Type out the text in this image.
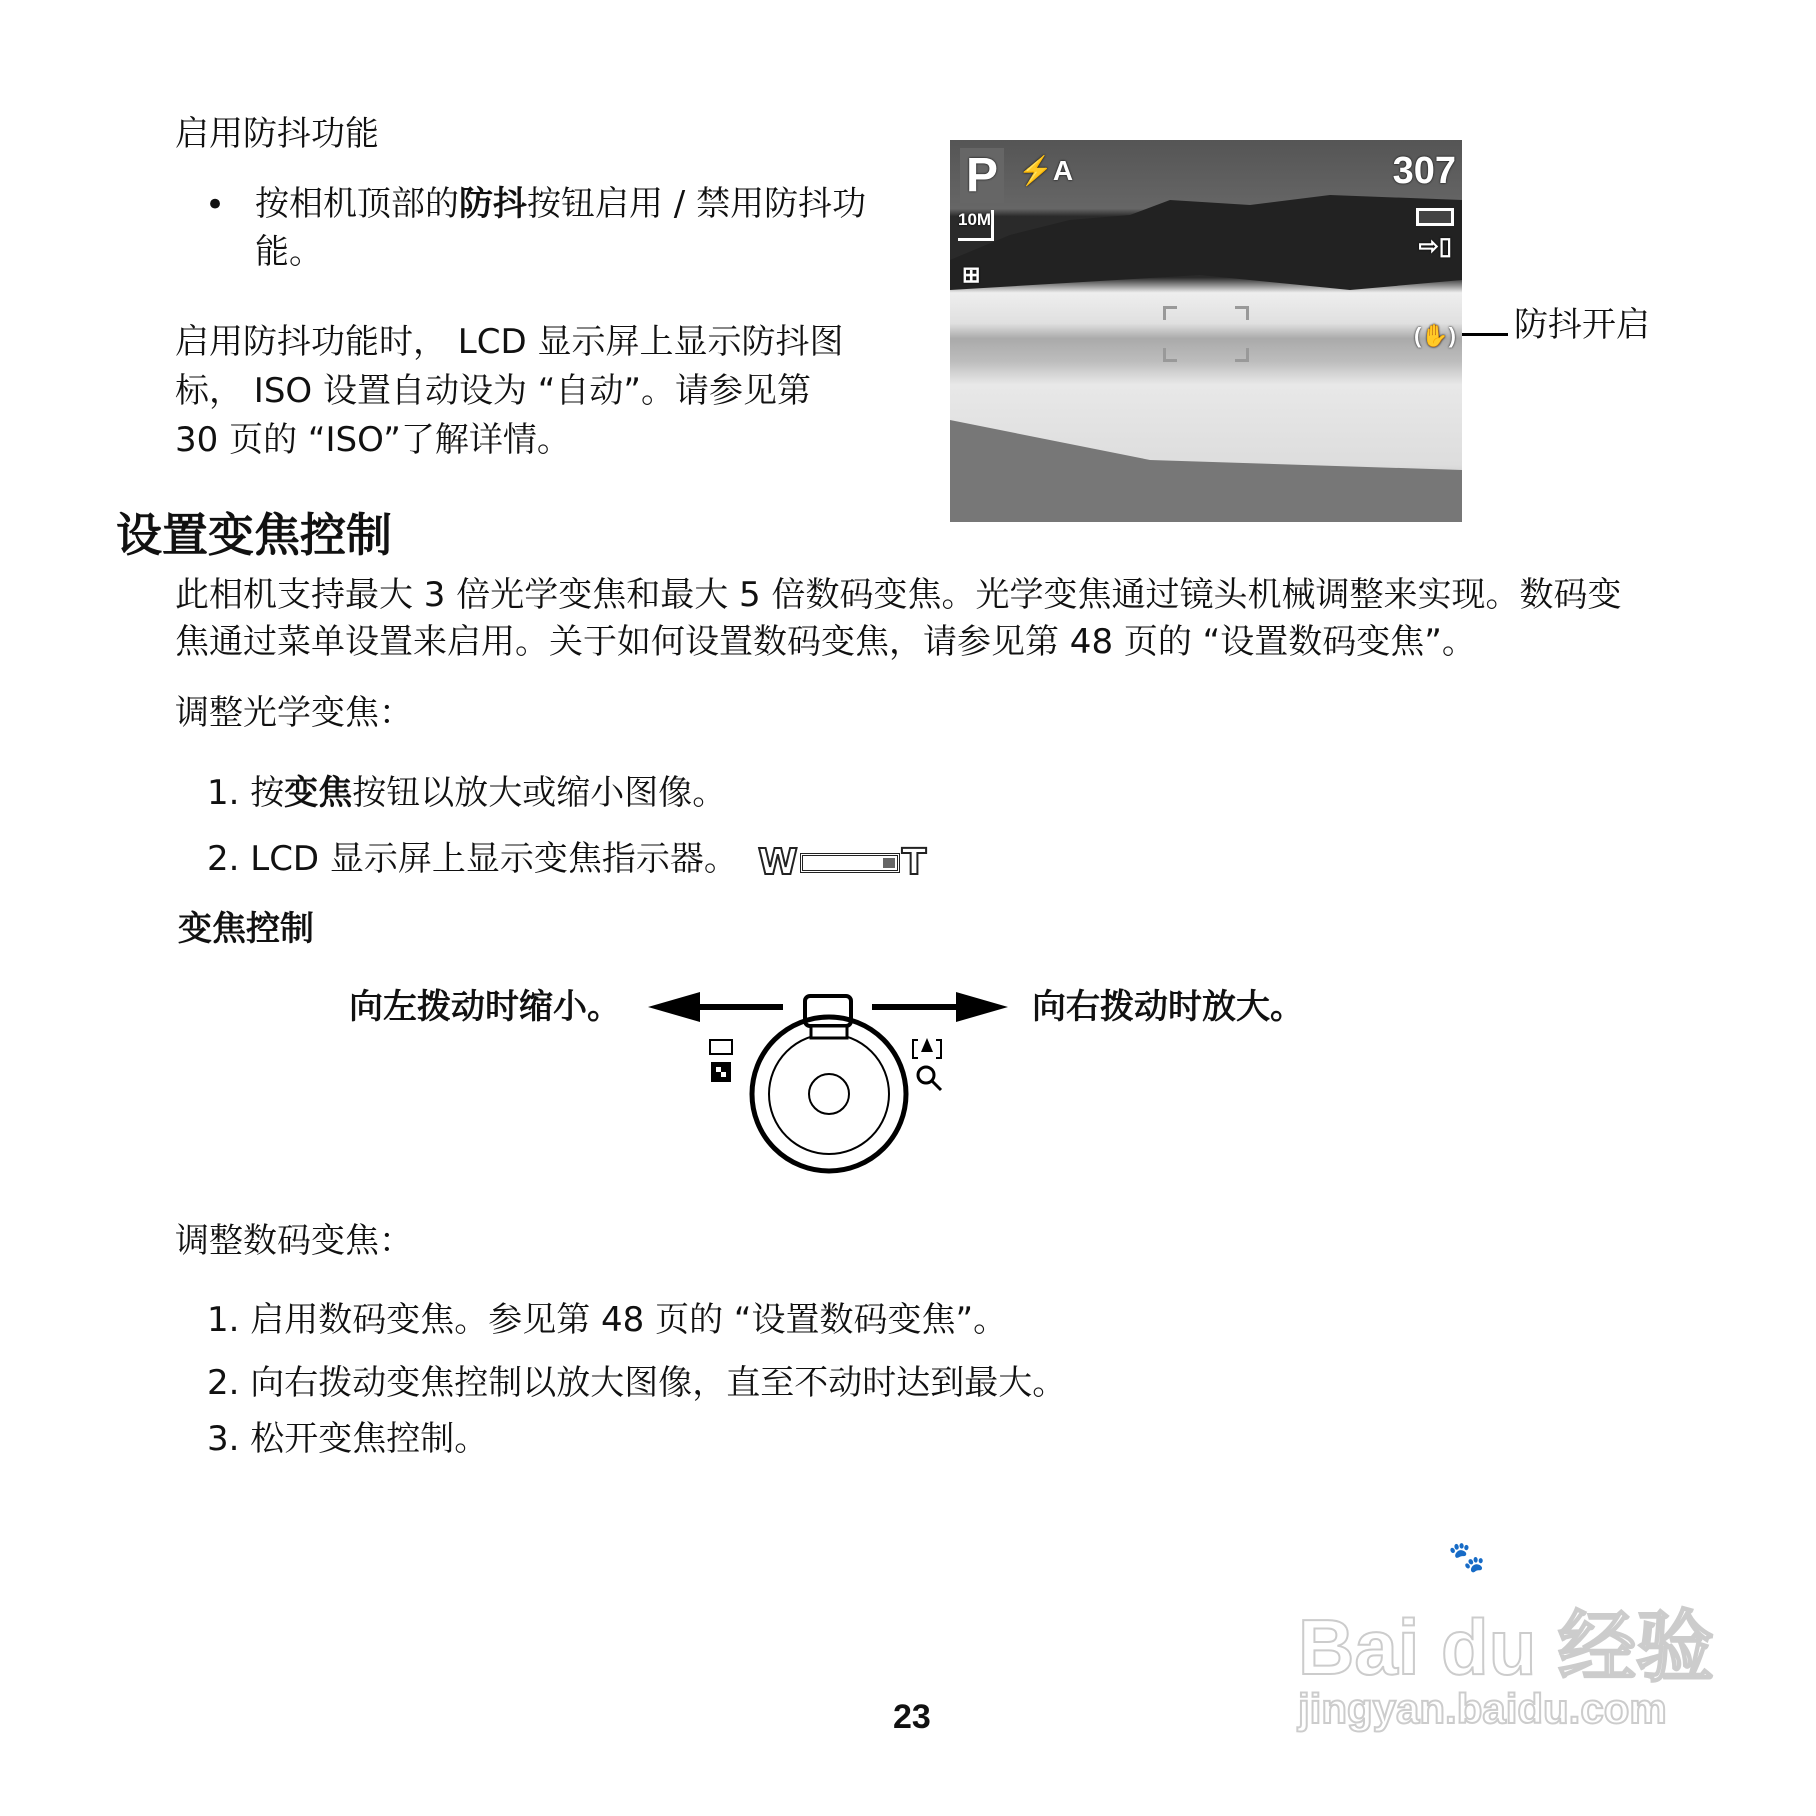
启用防抖功能
• 按相机顶部的防抖按钮启用 / 禁用防抖功
能。
启用防抖功能时， LCD 显示屏上显示防抖图
标， ISO 设置自动设为 “自动”。请参见第
30 页的 “ISO”了解详情。
P ⚡A	307
10M
⇨▯
⊞
(✋) 防抖开启
设置变焦控制
此相机支持最大 3 倍光学变焦和最大 5 倍数码变焦。光学变焦通过镜头机械调整来实现。数码变
焦通过菜单设置来启用。关于如何设置数码变焦，请参见第 48 页的 “设置数码变焦”。
调整光学变焦：
1. 按变焦按钮以放大或缩小图像。
2. LCD 显示屏上显示变焦指示器。 W	T
变焦控制
向左拨动时缩小。	向右拨动时放大。
调整数码变焦：
1. 启用数码变焦。参见第 48 页的 “设置数码变焦”。
2. 向右拨动变焦控制以放大图像，直至不动时达到最大。
3. 松开变焦控制。
23
🐾
Bai du 经验
jingyan.baidu.com
